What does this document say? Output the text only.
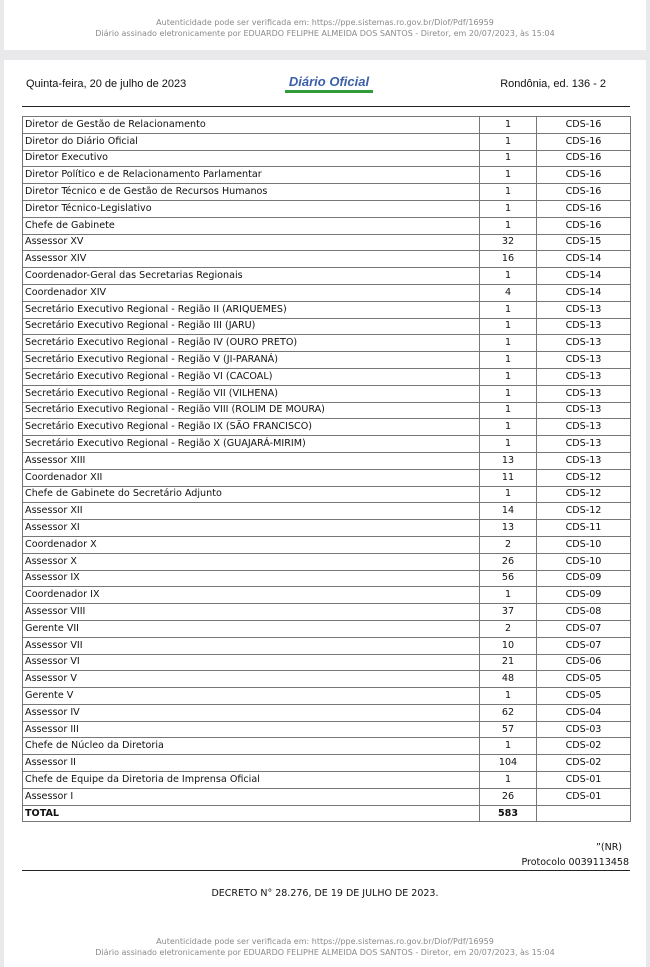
Autenticidade pode ser verificada em: https://ppe.sistemas.ro.gov.br/Diof/Pdf/16959
Diário assinado eletronicamente por EDUARDO FELIPHE ALMEIDA DOS SANTOS - Diretor, em 20/07/2023, às 15:04
Quinta-feira, 20 de julho de 2023	Diário Oficial	Rondônia, ed. 136 - 2
Diretor de Gestão de Relacionamento	1	CDS-16
Diretor do Diário Oficial	1	CDS-16
Diretor Executivo	1	CDS-16
Diretor Político e de Relacionamento Parlamentar	1	CDS-16
Diretor Técnico e de Gestão de Recursos Humanos	1	CDS-16
Diretor Técnico-Legislativo	1	CDS-16
Chefe de Gabinete	1	CDS-16
Assessor XV	32	CDS-15
Assessor XIV	16	CDS-14
Coordenador-Geral das Secretarias Regionais	1	CDS-14
Coordenador XIV	4	CDS-14
Secretário Executivo Regional - Região II (ARIQUEMES)	1	CDS-13
Secretário Executivo Regional - Região III (JARU)	1	CDS-13
Secretário Executivo Regional - Região IV (OURO PRETO)	1	CDS-13
Secretário Executivo Regional - Região V (JI-PARANÁ)	1	CDS-13
Secretário Executivo Regional - Região VI (CACOAL)	1	CDS-13
Secretário Executivo Regional - Região VII (VILHENA)	1	CDS-13
Secretário Executivo Regional - Região VIII (ROLIM DE MOURA)	1	CDS-13
Secretário Executivo Regional - Região IX (SÃO FRANCISCO)	1	CDS-13
Secretário Executivo Regional - Região X (GUAJARÁ-MIRIM)	1	CDS-13
Assessor XIII	13	CDS-13
Coordenador XII	11	CDS-12
Chefe de Gabinete do Secretário Adjunto	1	CDS-12
Assessor XII	14	CDS-12
Assessor XI	13	CDS-11
Coordenador X	2	CDS-10
Assessor X	26	CDS-10
Assessor IX	56	CDS-09
Coordenador IX	1	CDS-09
Assessor VIII	37	CDS-08
Gerente VII	2	CDS-07
Assessor VII	10	CDS-07
Assessor VI	21	CDS-06
Assessor V	48	CDS-05
Gerente V	1	CDS-05
Assessor IV	62	CDS-04
Assessor III	57	CDS-03
Chefe de Núcleo da Diretoria	1	CDS-02
Assessor II	104	CDS-02
Chefe de Equipe da Diretoria de Imprensa Oficial	1	CDS-01
Assessor I	26	CDS-01
TOTAL	583	
”(NR)
Protocolo 0039113458
DECRETO N° 28.276, DE 19 DE JULHO DE 2023.
Autenticidade pode ser verificada em: https://ppe.sistemas.ro.gov.br/Diof/Pdf/16959
Diário assinado eletronicamente por EDUARDO FELIPHE ALMEIDA DOS SANTOS - Diretor, em 20/07/2023, às 15:04
